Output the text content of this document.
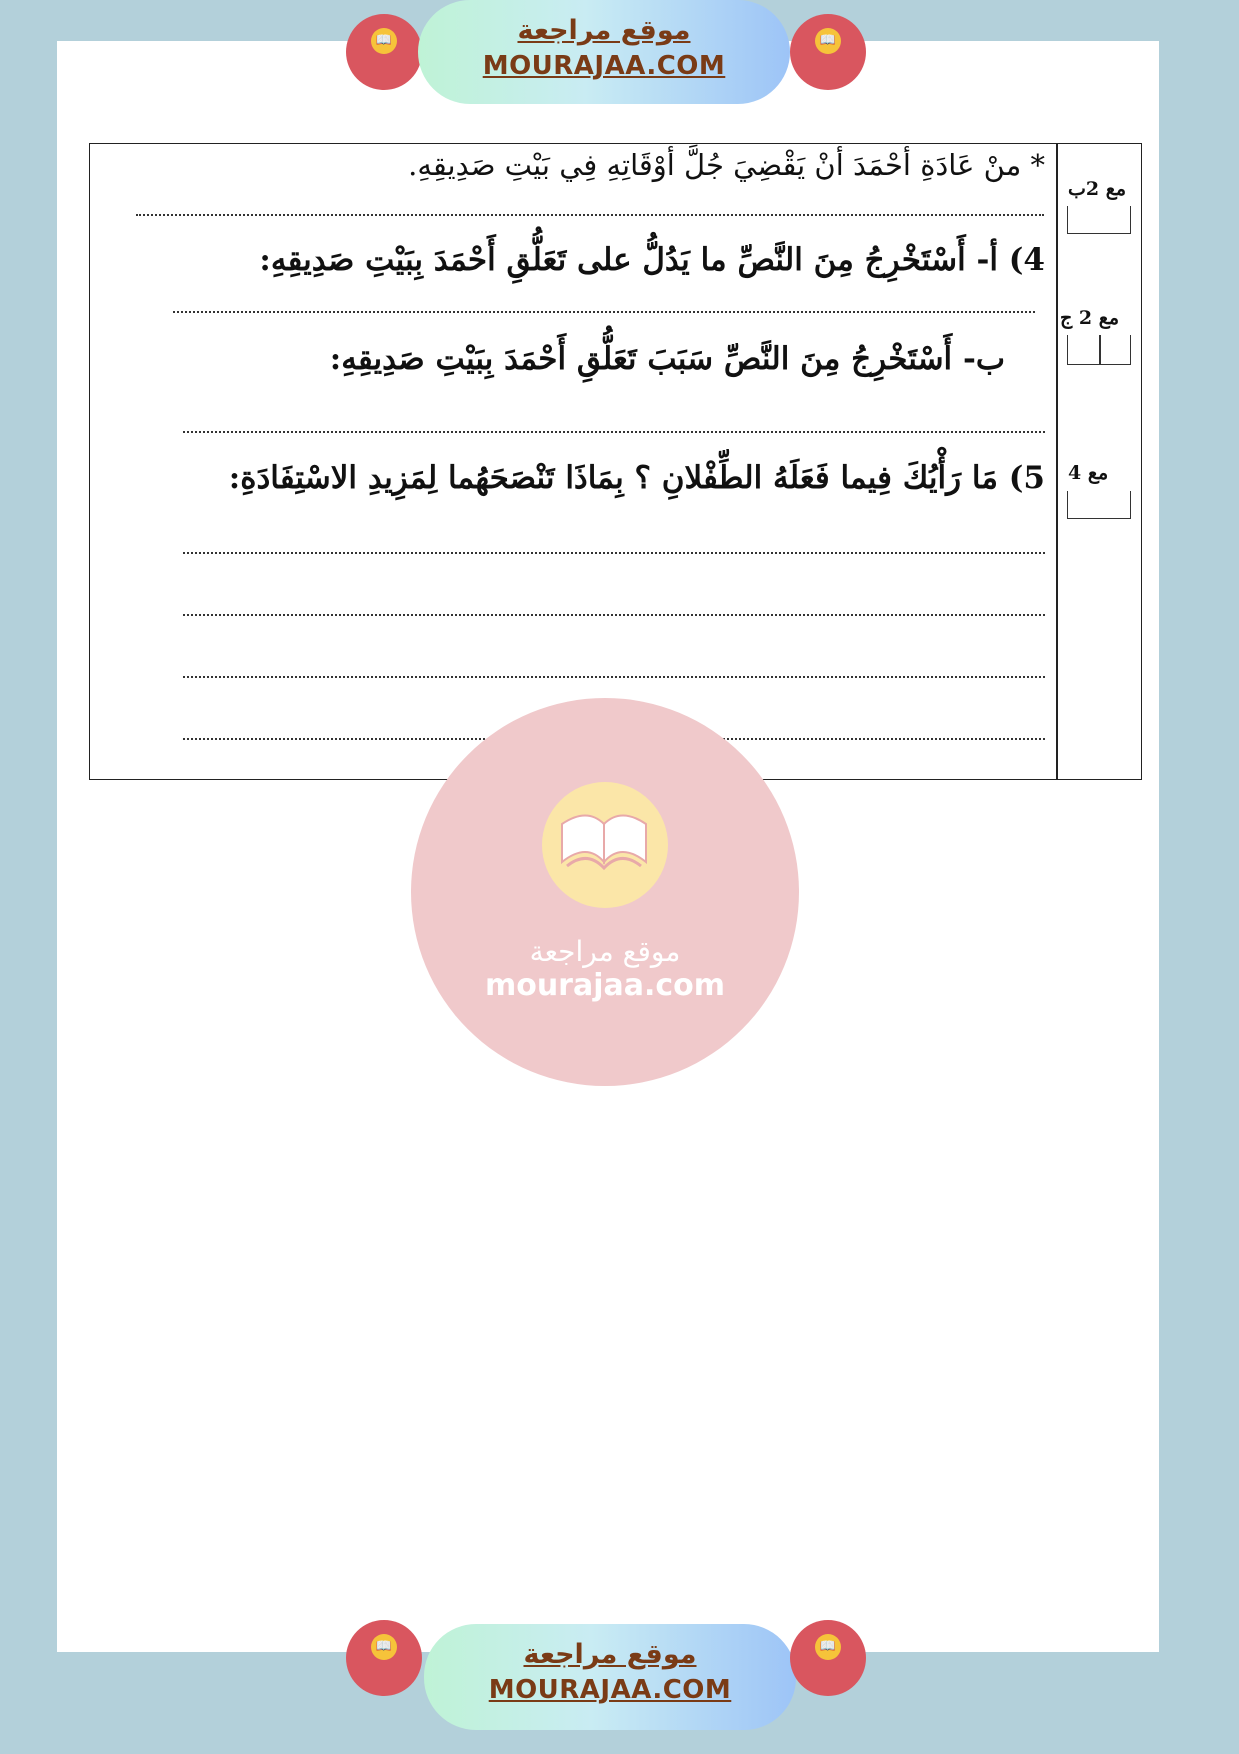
📖	موقع مراجعة
MOURAJAA.COM
📖
* منْ عَادَةِ أحْمَدَ أنْ يَقْضِيَ جُلَّ أوْقَاتِهِ فِي بَيْتِ صَدِيقِهِ.
4) أ- أَسْتَخْرِجُ مِنَ النَّصِّ ما يَدُلُّ على تَعَلُّقِ أَحْمَدَ بِبَيْتِ صَدِيقِهِ:
ب- أَسْتَخْرِجُ مِنَ النَّصِّ سَبَبَ تَعَلُّقِ أَحْمَدَ بِبَيْتِ صَدِيقِهِ:
5) مَا رَأْيُكَ فِيما فَعَلَهُ الطِّفْلانِ ؟ بِمَاذَا تَنْصَحَهُما لِمَزِيدِ الاسْتِفَادَةِ:
مع 2ب
مع 2 ج
مع 4
موقع مراجعة
mourajaa.com
📖	موقع مراجعة
MOURAJAA.COM
📖
